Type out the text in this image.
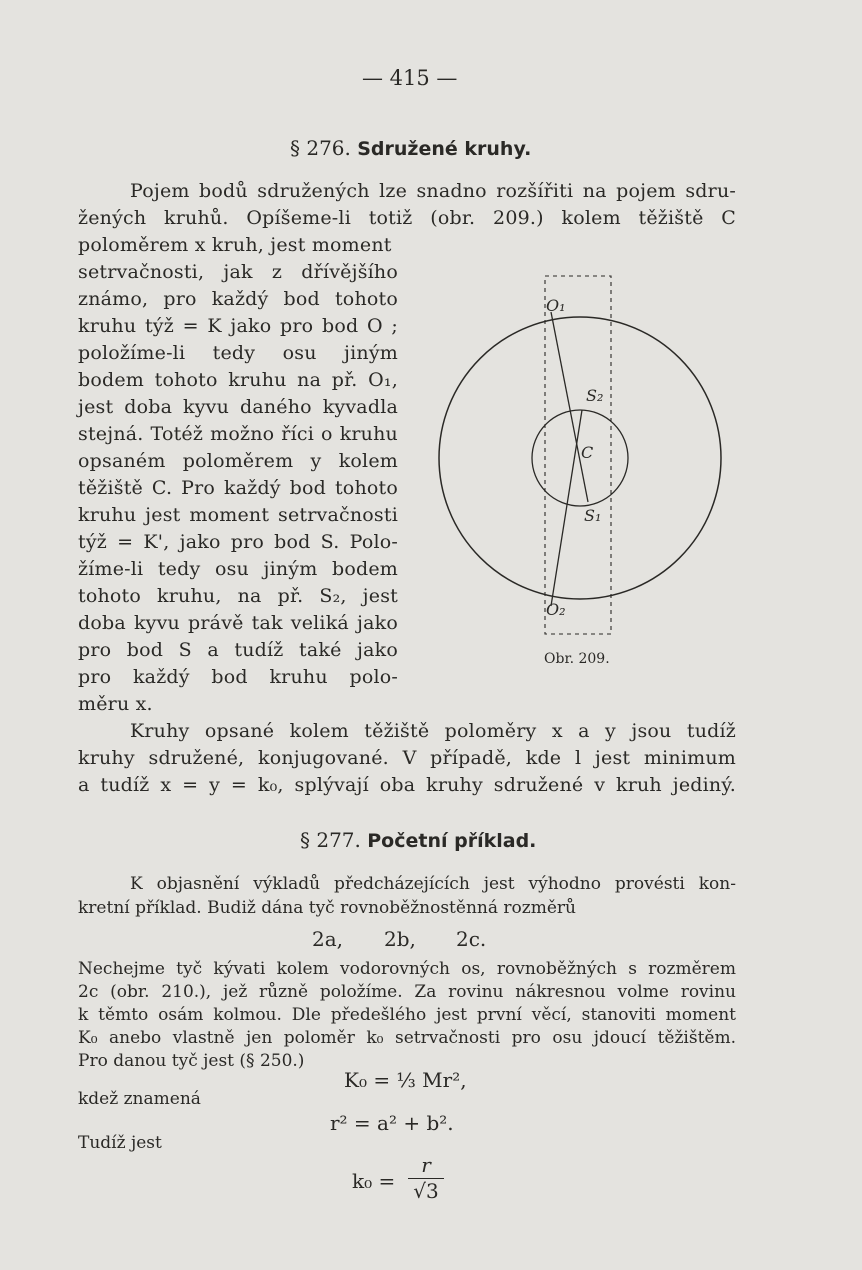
— 415 —
§ 276. Sdružené kruhy.
Pojem bodů sdružených lze snadno rozšířiti na pojem sdru-
žených kruhů. Opíšeme-li totiž (obr. 209.) kolem těžiště C
poloměrem x kruh, jest moment
setrvačnosti, jak z dřívějšího
známo, pro každý bod tohoto
kruhu týž = K jako pro bod O ;
položíme-li tedy osu jiným
bodem tohoto kruhu na př. O₁,
jest doba kyvu daného kyvadla
stejná. Totéž možno říci o kruhu
opsaném poloměrem y kolem
těžiště C. Pro každý bod tohoto
kruhu jest moment setrvačnosti
týž = K', jako pro bod S. Polo-
žíme-li tedy osu jiným bodem
tohoto kruhu, na př. S₂, jest
doba kyvu právě tak veliká jako
pro bod S a tudíž také jako
pro každý bod kruhu polo-
měru x.
Kruhy opsané kolem těžiště poloměry x a y jsou tudíž
kruhy sdružené, konjugované. V případě, kde l jest minimum
a tudíž x = y = k₀, splývají oba kruhy sdružené v kruh jediný.
O₁
S₂
C
S₁
O₂
Obr. 209.
§ 277. Početní příklad.
K objasnění výkladů předcházejících jest výhodno provésti kon-
kretní příklad. Budiž dána tyč rovnoběžnostěnná rozměrů
2a, 2b, 2c.
Nechejme tyč kývati kolem vodorovných os, rovnoběžných s rozměrem
2c (obr. 210.), jež různě položíme. Za rovinu nákresnou volme rovinu
k těmto osám kolmou. Dle předešlého jest první věcí, stanoviti moment
K₀ anebo vlastně jen poloměr k₀ setrvačnosti pro osu jdoucí těžištěm.
Pro danou tyč jest (§ 250.)
K₀ = ⅓ Mr²,
kdež znamená
r² = a² + b².
Tudíž jest
k₀ =
r
√3
